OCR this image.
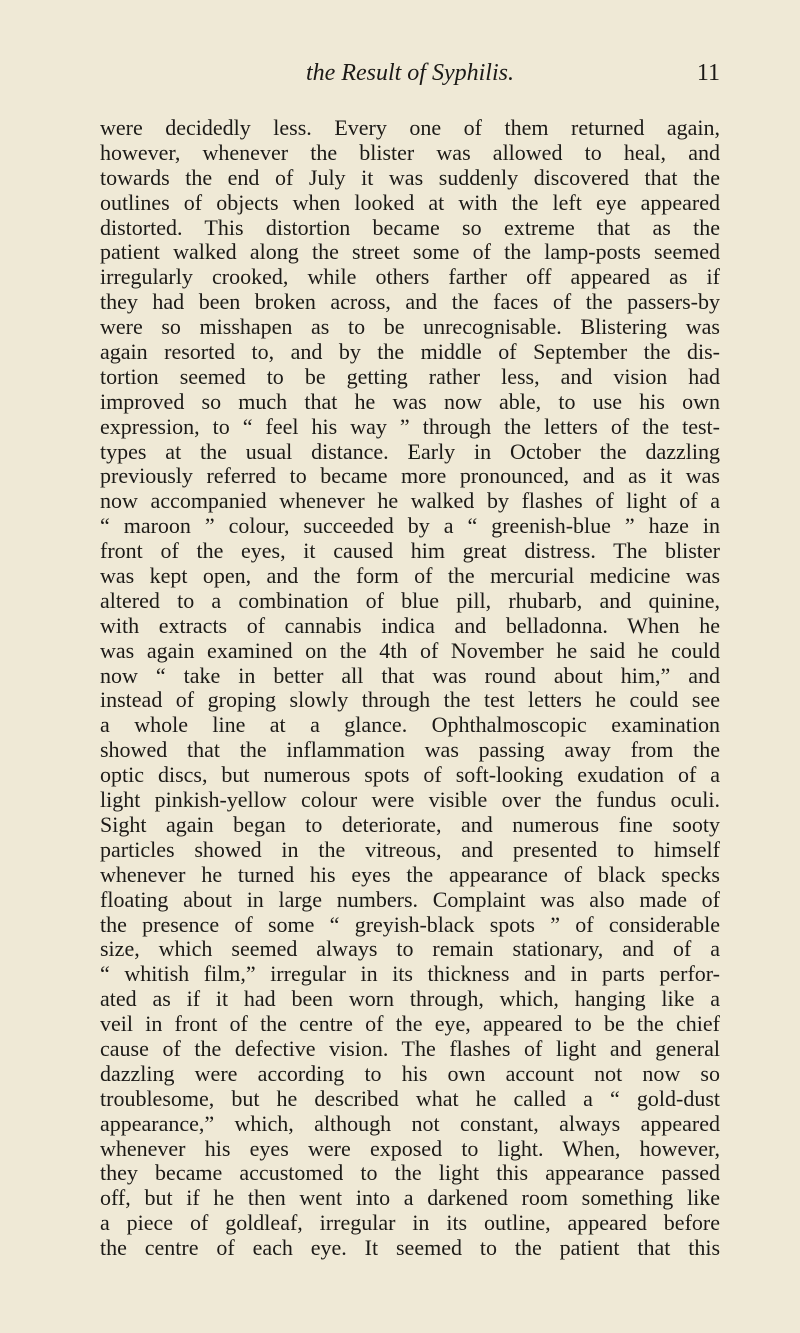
the Result of Syphilis.	11
were decidedly less. Every one of them returned again,
however, whenever the blister was allowed to heal, and
towards the end of July it was suddenly discovered that the
outlines of objects when looked at with the left eye appeared
distorted. This distortion became so extreme that as the
patient walked along the street some of the lamp-posts seemed
irregularly crooked, while others farther off appeared as if
they had been broken across, and the faces of the passers-by
were so misshapen as to be unrecognisable. Blistering was
again resorted to, and by the middle of September the dis-
tortion seemed to be getting rather less, and vision had
improved so much that he was now able, to use his own
expression, to “ feel his way ” through the letters of the test-
types at the usual distance. Early in October the dazzling
previously referred to became more pronounced, and as it was
now accompanied whenever he walked by flashes of light of a
“ maroon ” colour, succeeded by a “ greenish-blue ” haze in
front of the eyes, it caused him great distress. The blister
was kept open, and the form of the mercurial medicine was
altered to a combination of blue pill, rhubarb, and quinine,
with extracts of cannabis indica and belladonna. When he
was again examined on the 4th of November he said he could
now “ take in better all that was round about him,” and
instead of groping slowly through the test letters he could see
a whole line at a glance. Ophthalmoscopic examination
showed that the inflammation was passing away from the
optic discs, but numerous spots of soft-looking exudation of a
light pinkish-yellow colour were visible over the fundus oculi.
Sight again began to deteriorate, and numerous fine sooty
particles showed in the vitreous, and presented to himself
whenever he turned his eyes the appearance of black specks
floating about in large numbers. Complaint was also made of
the presence of some “ greyish-black spots ” of considerable
size, which seemed always to remain stationary, and of a
“ whitish film,” irregular in its thickness and in parts perfor-
ated as if it had been worn through, which, hanging like a
veil in front of the centre of the eye, appeared to be the chief
cause of the defective vision. The flashes of light and general
dazzling were according to his own account not now so
troublesome, but he described what he called a “ gold-dust
appearance,” which, although not constant, always appeared
whenever his eyes were exposed to light. When, however,
they became accustomed to the light this appearance passed
off, but if he then went into a darkened room something like
a piece of goldleaf, irregular in its outline, appeared before
the centre of each eye. It seemed to the patient that this
